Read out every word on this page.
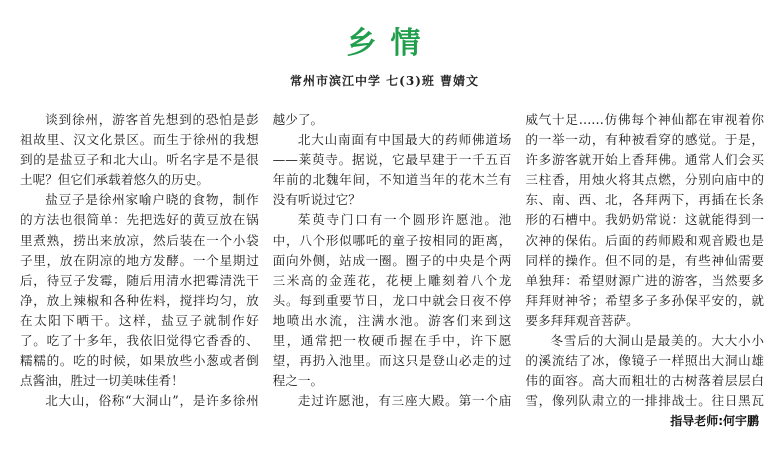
乡情
常州市滨江中学 七(3)班 曹婧文

谈到徐州，游客首先想到的恐怕是彭祖故里、汉文化景区。而生于徐州的我想到的是盐豆子和北大山。听名字是不是很土呢？但它们承载着悠久的历史。

盐豆子是徐州家喻户晓的食物，制作的方法也很简单：先把选好的黄豆放在锅里煮熟，捞出来放凉，然后装在一个小袋子里，放在阴凉的地方发酵。一个星期过后，待豆子发霉，随后用清水把霉清洗干净，放上辣椒和各种佐料，搅拌均匀，放在太阳下晒干。这样，盐豆子就制作好了。吃了十多年，我依旧觉得它香香的、糯糯的。吃的时候，如果放些小葱或者倒点酱油，胜过一切美味佳肴！

北大山，俗称“大洞山”，是许多徐州

越少了。

北大山南面有中国最大的药师佛道场——莱萸寺。据说，它最早建于一千五百年前的北魏年间，不知道当年的花木兰有没有听说过它？

茱萸寺门口有一个圆形许愿池。池中，八个形似哪吒的童子按相同的距离，面向外侧，站成一圈。圈子的中央是个两三米高的金莲花，花梗上雕刻着八个龙头。每到重要节日，龙口中就会日夜不停地喷出水流，注满水池。游客们来到这里，通常把一枚硬币握在手中，许下愿望，再扔入池里。而这只是登山必走的过程之一。

走过许愿池，有三座大殿。第一个庙

威气十足……仿佛每个神仙都在审视着你的一举一动，有种被看穿的感觉。于是，许多游客就开始上香拜佛。通常人们会买三柱香，用烛火将其点燃，分别向庙中的东、南、西、北，各拜两下，再插在长条形的石槽中。我奶奶常说：这就能得到一次神的保佑。后面的药师殿和观音殿也是同样的操作。但不同的是，有些神仙需要单独拜：希望财源广进的游客，当然要多拜拜财神爷；希望多子多孙保平安的，就要多拜拜观音菩萨。

冬雪后的大洞山是最美的。大大小小的溪流结了冰，像镜子一样照出大洞山雄伟的面容。高大而粗壮的古树落着层层白雪，像列队肃立的一排排战士。往日黑瓦

指导老师:何宇鹏
